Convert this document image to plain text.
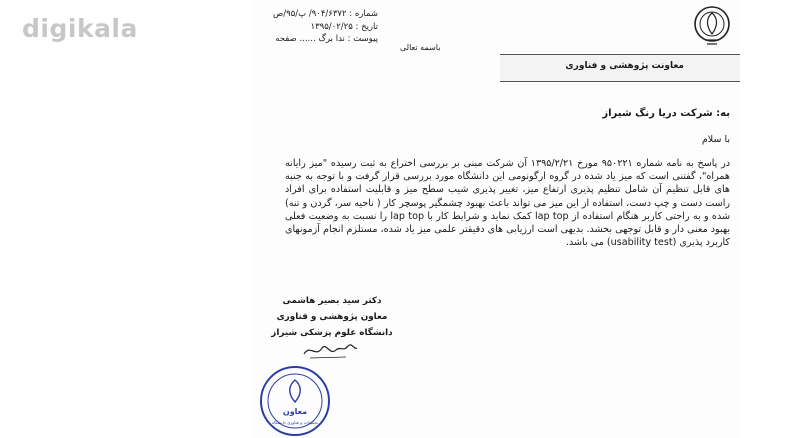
digikala	شماره : ۹۰۴/۶۳۷۲/ پ/۹۵/ص
تاریخ : ۱۳۹۵/۰۲/۲۵
پیوست : ندا برگ ...... صفحه
باسمه تعالی
معاونت پژوهشی و فناوری
به: شرکت دریا رنگ شیراز
با سلام
در پاسخ به نامه شماره ۹۵۰۲۲۱ مورخ ۱۳۹۵/۲/۲۱ آن شرکت مبنی بر بررسی اختراع به ثبت رسیده "میز رایانه همراه"، گفتنی است که میز یاد شده در گروه ارگونومی این دانشگاه مورد بررسی قرار گرفت و با توجه به جنبه های قابل تنظیم آن شامل تنظیم پذیری ارتفاع میز، تغییر پذیری شیب سطح میز و قابلیت استفاده برای افراد راست دست و چپ دست، استفاده از این میز می تواند باعث بهبود چشمگیر پوسچر کار ( ناحیه سر، گردن و تنه) شده و به راحتی کاربر هنگام استفاده از lap top کمک نماید و شرایط کار با lap top را نسبت به وضعیت فعلی بهبود معنی دار و قابل توجهی بخشد. بدیهی است ارزیابی های دقیقتر علمی میز یاد شده، مستلزم انجام آزمونهای کاربرد پذیری (usability test) می باشد.
دکتر سید بصیر هاشمی
معاون پژوهشی و فناوری
دانشگاه علوم پزشکی شیراز
معاون
تحقیقات و فناوری دانشگاه
